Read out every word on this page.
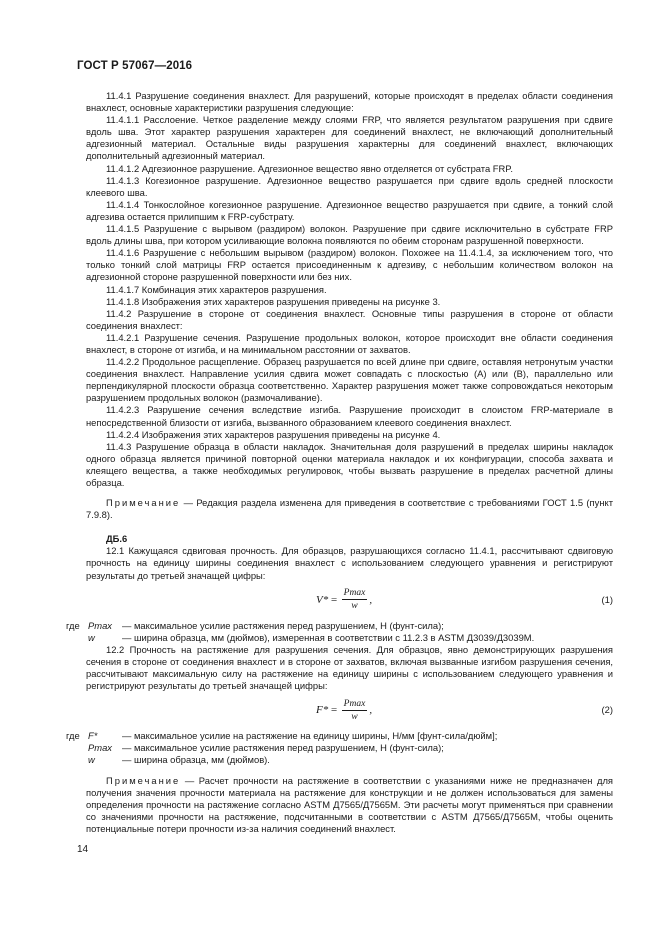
ГОСТ Р 57067—2016

11.4.1 Разрушение соединения внахлест. Для разрушений, которые происходят в пределах области соединения внахлест, основные характеристики разрушения следующие:

11.4.1.1 Расслоение. Четкое разделение между слоями FRP, что является результатом разрушения при сдвиге вдоль шва. Этот характер разрушения характерен для соединений внахлест, не включающий дополнительный адгезионный материал. Остальные виды разрушения характерны для соединений внахлест, включающих дополнительный адгезионный материал.

11.4.1.2 Адгезионное разрушение. Адгезионное вещество явно отделяется от субстрата FRP.

11.4.1.3 Когезионное разрушение. Адгезионное вещество разрушается при сдвиге вдоль средней плоскости клеевого шва.

11.4.1.4 Тонкослойное когезионное разрушение. Адгезионное вещество разрушается при сдвиге, а тонкий слой адгезива остается прилипшим к FRP-субстрату.

11.4.1.5 Разрушение с вырывом (раздиром) волокон. Разрушение при сдвиге исключительно в субстрате FRP вдоль длины шва, при котором усиливающие волокна появляются по обеим сторонам разрушенной поверхности.

11.4.1.6 Разрушение с небольшим вырывом (раздиром) волокон. Похожее на 11.4.1.4, за исключением того, что только тонкий слой матрицы FRP остается присоединенным к адгезиву, с небольшим количеством волокон на адгезионной стороне разрушенной поверхности или без них.

11.4.1.7 Комбинация этих характеров разрушения.

11.4.1.8 Изображения этих характеров разрушения приведены на рисунке 3.

11.4.2 Разрушение в стороне от соединения внахлест. Основные типы разрушения в стороне от области соединения внахлест:

11.4.2.1 Разрушение сечения. Разрушение продольных волокон, которое происходит вне области соединения внахлест, в стороне от изгиба, и на минимальном расстоянии от захватов.

11.4.2.2 Продольное расщепление. Образец разрушается по всей длине при сдвиге, оставляя нетронутым участки соединения внахлест. Направление усилия сдвига может совпадать с плоскостью (A) или (B), параллельно или перпендикулярной плоскости образца соответственно. Характер разрушения может также сопровождаться некоторым разрушением продольных волокон (размочаливание).

11.4.2.3 Разрушение сечения вследствие изгиба. Разрушение происходит в слоистом FRP-материале в непосредственной близости от изгиба, вызванного образованием клеевого соединения внахлест.

11.4.2.4 Изображения этих характеров разрушения приведены на рисунке 4.

11.4.3 Разрушение образца в области накладок. Значительная доля разрушений в пределах ширины накладок одного образца является причиной повторной оценки материала накладок и их конфигурации, способа захвата и клеящего вещества, а также необходимых регулировок, чтобы вызвать разрушение в пределах расчетной длины образца.

Примечание — Редакция раздела изменена для приведения в соответствие с требованиями ГОСТ 1.5 (пункт 7.9.8).

ДБ.6

12.1 Кажущаяся сдвиговая прочность. Для образцов, разрушающихся согласно 11.4.1, рассчитывают сдвиговую прочность на единицу ширины соединения внахлест с использованием следующего уравнения и регистрируют результаты до третьей значащей цифры:

$V* = \frac{Pmax}{w}$ ,	(1)
где Pmax	— максимальное усилие растяжения перед разрушением, Н (фунт-сила);
w	— ширина образца, мм (дюймов), измеренная в соответствии с 11.2.3 в ASTM Д3039/Д3039М.

12.2 Прочность на растяжение для разрушения сечения. Для образцов, явно демонстрирующих разрушения сечения в стороне от соединения внахлест и в стороне от захватов, включая вызванные изгибом разрушения сечения, рассчитывают максимальную силу на растяжение на единицу ширины с использованием следующего уравнения и регистрируют результаты до третьей значащей цифры:

$F* = \frac{Pmax}{w}$ ,	(2)
где F*	— максимальное усилие на растяжение на единицу ширины, Н/мм [фунт-сила/дюйм];
Pmax	— максимальное усилие растяжения перед разрушением, Н (фунт-сила);
w	— ширина образца, мм (дюймов).

Примечание — Расчет прочности на растяжение в соответствии с указаниями ниже не предназначен для получения значения прочности материала на растяжение для конструкции и не должен использоваться для замены определения прочности на растяжение согласно ASTM Д7565/Д7565М. Эти расчеты могут применяться при сравнении со значениями прочности на растяжение, подсчитанными в соответствии с ASTM Д7565/Д7565М, чтобы оценить потенциальные потери прочности из-за наличия соединений внахлест.

14
